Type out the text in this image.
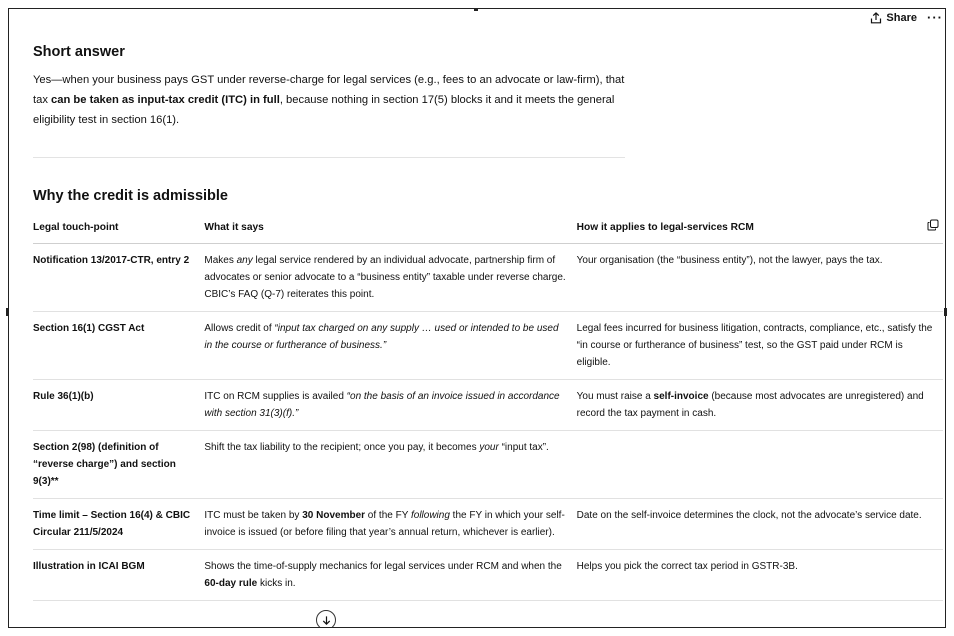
Share ···
Short answer
Yes—when your business pays GST under reverse-charge for legal services (e.g., fees to an advocate or law-firm), that tax can be taken as input-tax credit (ITC) in full, because nothing in section 17(5) blocks it and it meets the general eligibility test in section 16(1).
Why the credit is admissible
Legal touch-point	What it says	How it applies to legal-services RCM
Notification 13/2017-CTR, entry 2	Makes any legal service rendered by an individual advocate, partnership firm of advocates or senior advocate to a “business entity” taxable under reverse charge. CBIC’s FAQ (Q-7) reiterates this point.	Your organisation (the “business entity”), not the lawyer, pays the tax.
Section 16(1) CGST Act	Allows credit of “input tax charged on any supply … used or intended to be used in the course or furtherance of business.”	Legal fees incurred for business litigation, contracts, compliance, etc., satisfy the “in course or furtherance of business” test, so the GST paid under RCM is eligible.
Rule 36(1)(b)	ITC on RCM supplies is availed “on the basis of an invoice issued in accordance with section 31(3)(f).”	You must raise a self-invoice (because most advocates are unregistered) and record the tax payment in cash.
Section 2(98) (definition of “reverse charge”) and section 9(3)**	Shift the tax liability to the recipient; once you pay, it becomes your “input tax”.	
Time limit – Section 16(4) & CBIC Circular 211/5/2024	ITC must be taken by 30 November of the FY following the FY in which your self-invoice is issued (or before filing that year’s annual return, whichever is earlier).	Date on the self-invoice determines the clock, not the advocate’s service date.
Illustration in ICAI BGM	Shows the time-of-supply mechanics for legal services under RCM and when the 60-day rule kicks in.	Helps you pick the correct tax period in GSTR-3B.
